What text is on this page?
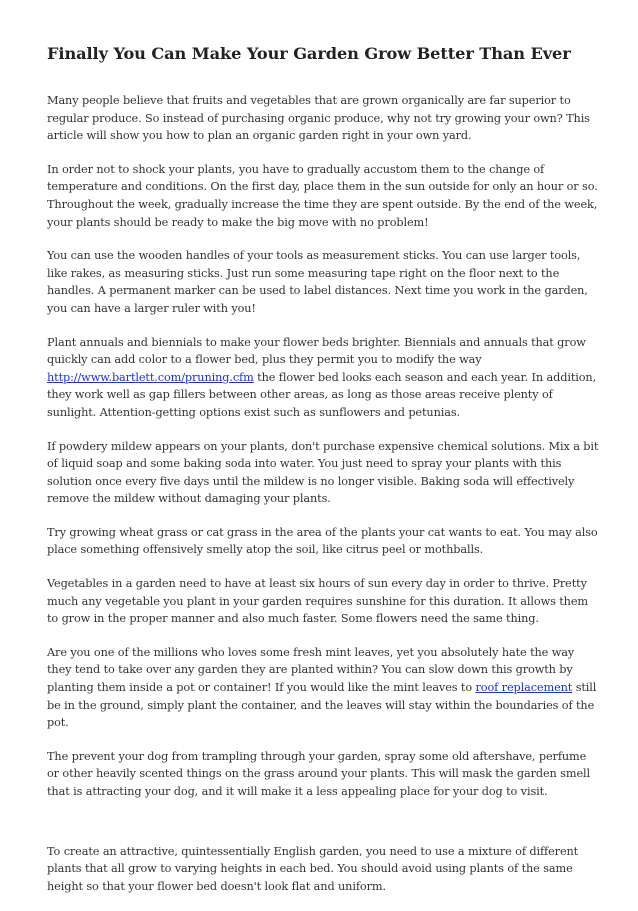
Finally You Can Make Your Garden Grow Better Than Ever

Many people believe that fruits and vegetables that are grown organically are far superior to regular produce. So instead of purchasing organic produce, why not try growing your own? This article will show you how to plan an organic garden right in your own yard.

In order not to shock your plants, you have to gradually accustom them to the change of temperature and conditions. On the first day, place them in the sun outside for only an hour or so. Throughout the week, gradually increase the time they are spent outside. By the end of the week, your plants should be ready to make the big move with no problem!

You can use the wooden handles of your tools as measurement sticks. You can use larger tools, like rakes, as measuring sticks. Just run some measuring tape right on the floor next to the handles. A permanent marker can be used to label distances. Next time you work in the garden, you can have a larger ruler with you!

Plant annuals and biennials to make your flower beds brighter. Biennials and annuals that grow quickly can add color to a flower bed, plus they permit you to modify the way http://www.bartlett.com/pruning.cfm the flower bed looks each season and each year. In addition, they work well as gap fillers between other areas, as long as those areas receive plenty of sunlight. Attention-getting options exist such as sunflowers and petunias.

If powdery mildew appears on your plants, don't purchase expensive chemical solutions. Mix a bit of liquid soap and some baking soda into water. You just need to spray your plants with this solution once every five days until the mildew is no longer visible. Baking soda will effectively remove the mildew without damaging your plants.

Try growing wheat grass or cat grass in the area of the plants your cat wants to eat. You may also place something offensively smelly atop the soil, like citrus peel or mothballs.

Vegetables in a garden need to have at least six hours of sun every day in order to thrive. Pretty much any vegetable you plant in your garden requires sunshine for this duration. It allows them to grow in the proper manner and also much faster. Some flowers need the same thing.

Are you one of the millions who loves some fresh mint leaves, yet you absolutely hate the way they tend to take over any garden they are planted within? You can slow down this growth by planting them inside a pot or container! If you would like the mint leaves to roof replacement still be in the ground, simply plant the container, and the leaves will stay within the boundaries of the pot.

The prevent your dog from trampling through your garden, spray some old aftershave, perfume or other heavily scented things on the grass around your plants. This will mask the garden smell that is attracting your dog, and it will make it a less appealing place for your dog to visit.

To create an attractive, quintessentially English garden, you need to use a mixture of different plants that all grow to varying heights in each bed. You should avoid using plants of the same height so that your flower bed doesn't look flat and uniform.
